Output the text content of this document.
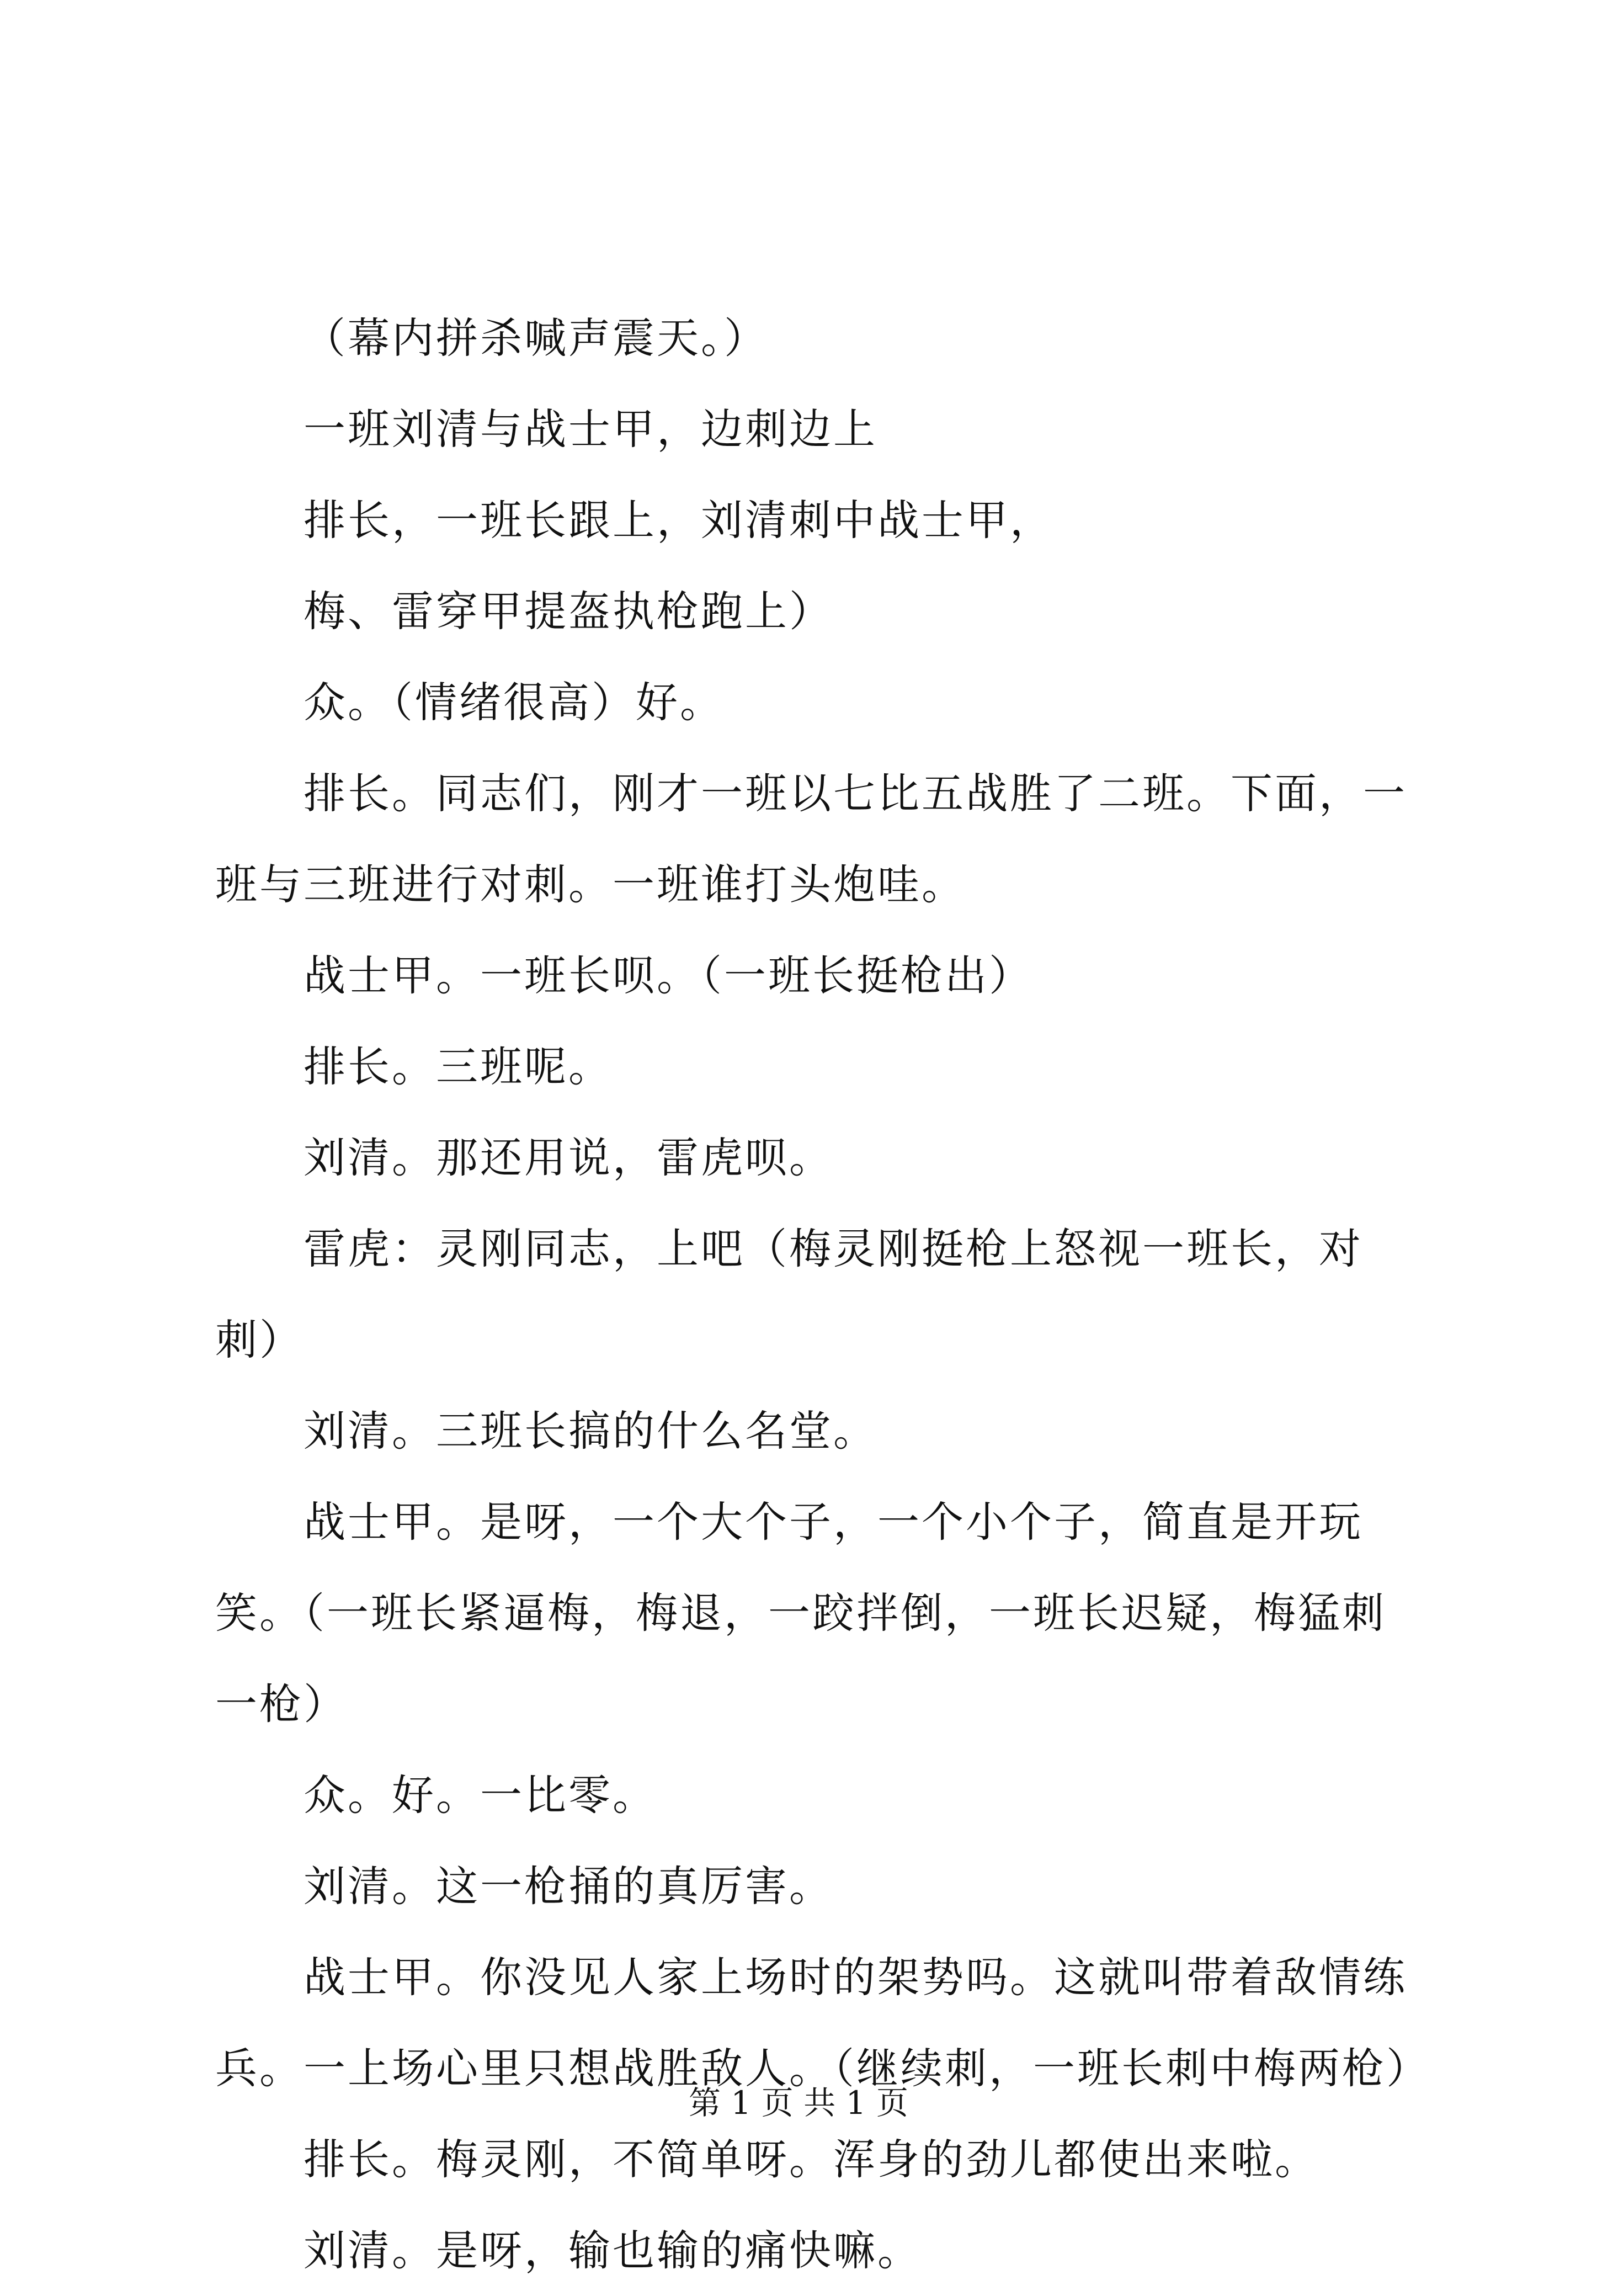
（幕内拼杀喊声震天。）

一班刘清与战士甲，边刺边上

排长，一班长跟上，刘清刺中战士甲，

梅、雷穿甲提盔执枪跑上）

众。（情绪很高）好。

排长。同志们，刚才一班以七比五战胜了二班。下面，一班与三班进行对刺。一班谁打头炮哇。

战士甲。一班长呗。（一班长挺枪出）

排长。三班呢。

刘清。那还用说，雷虎呗。

雷虎：灵刚同志，上吧（梅灵刚挺枪上怒视一班长，对刺）

刘清。三班长搞的什么名堂。

战士甲。是呀，一个大个子，一个小个子，简直是开玩笑。（一班长紧逼梅，梅退，一跤拌倒，一班长迟疑，梅猛刺一枪）

众。好。一比零。

刘清。这一枪捅的真厉害。

战士甲。你没见人家上场时的架势吗。这就叫带着敌情练兵。一上场心里只想战胜敌人。（继续刺，一班长刺中梅两枪）

排长。梅灵刚，不简单呀。浑身的劲儿都使出来啦。

刘清。是呀，输也输的痛快嘛。

第 1 页 共 1 页
